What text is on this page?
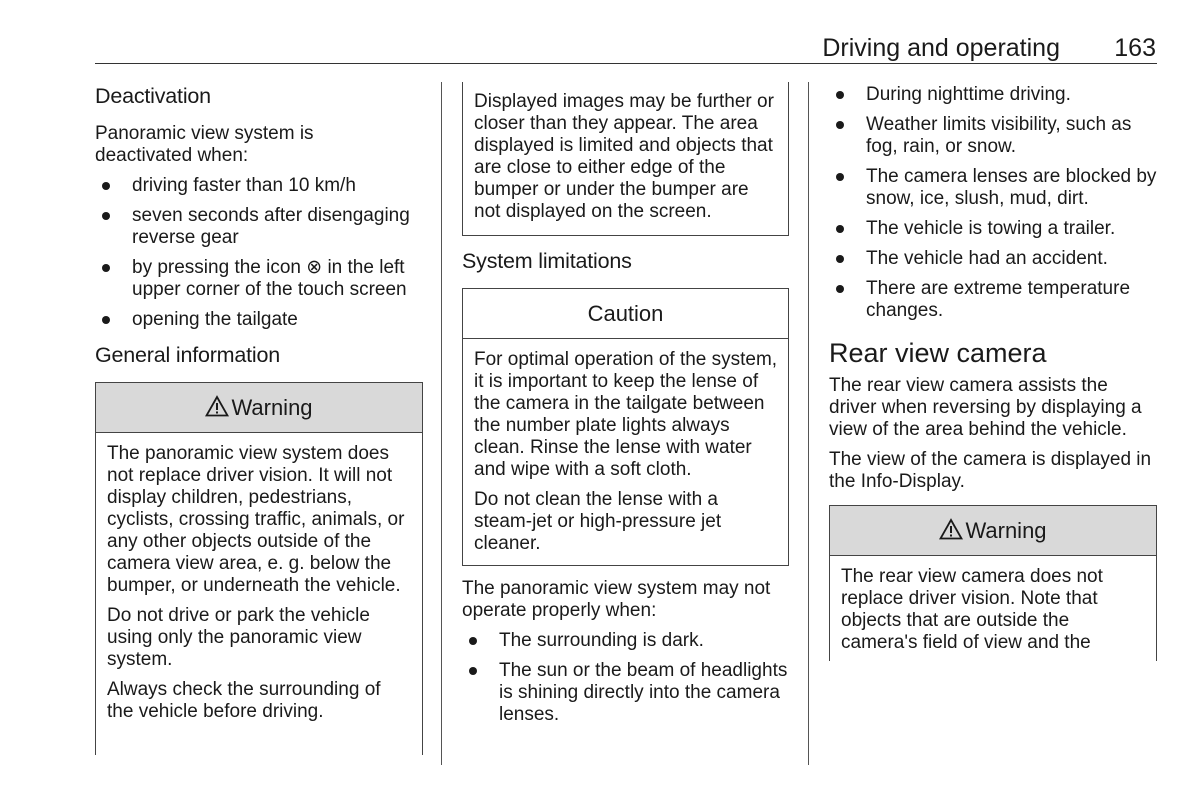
Driving and operating	163
Deactivation

Panoramic view system is deactivated when:

driving faster than 10 km/h
seven seconds after disengaging reverse gear
by pressing the icon ⊗ in the left upper corner of the touch screen
opening the tailgate
General information
Warning

The panoramic view system does not replace driver vision. It will not display children, pedestrians, cyclists, crossing traffic, animals, or any other objects outside of the camera view area, e. g. below the bumper, or underneath the vehicle.

Do not drive or park the vehicle using only the panoramic view system.

Always check the surrounding of the vehicle before driving.

Displayed images may be further or closer than they appear. The area displayed is limited and objects that are close to either edge of the bumper or under the bumper are not displayed on the screen.

System limitations
Caution

For optimal operation of the system, it is important to keep the lense of the camera in the tailgate between the number plate lights always clean. Rinse the lense with water and wipe with a soft cloth.

Do not clean the lense with a steam-jet or high-pressure jet cleaner.

The panoramic view system may not operate properly when:

The surrounding is dark.
The sun or the beam of headlights is shining directly into the camera lenses.
During nighttime driving.
Weather limits visibility, such as fog, rain, or snow.
The camera lenses are blocked by snow, ice, slush, mud, dirt.
The vehicle is towing a trailer.
The vehicle had an accident.
There are extreme temperature changes.
Rear view camera

The rear view camera assists the driver when reversing by displaying a view of the area behind the vehicle.

The view of the camera is displayed in the Info-Display.

Warning

The rear view camera does not replace driver vision. Note that objects that are outside the camera's field of view and the
